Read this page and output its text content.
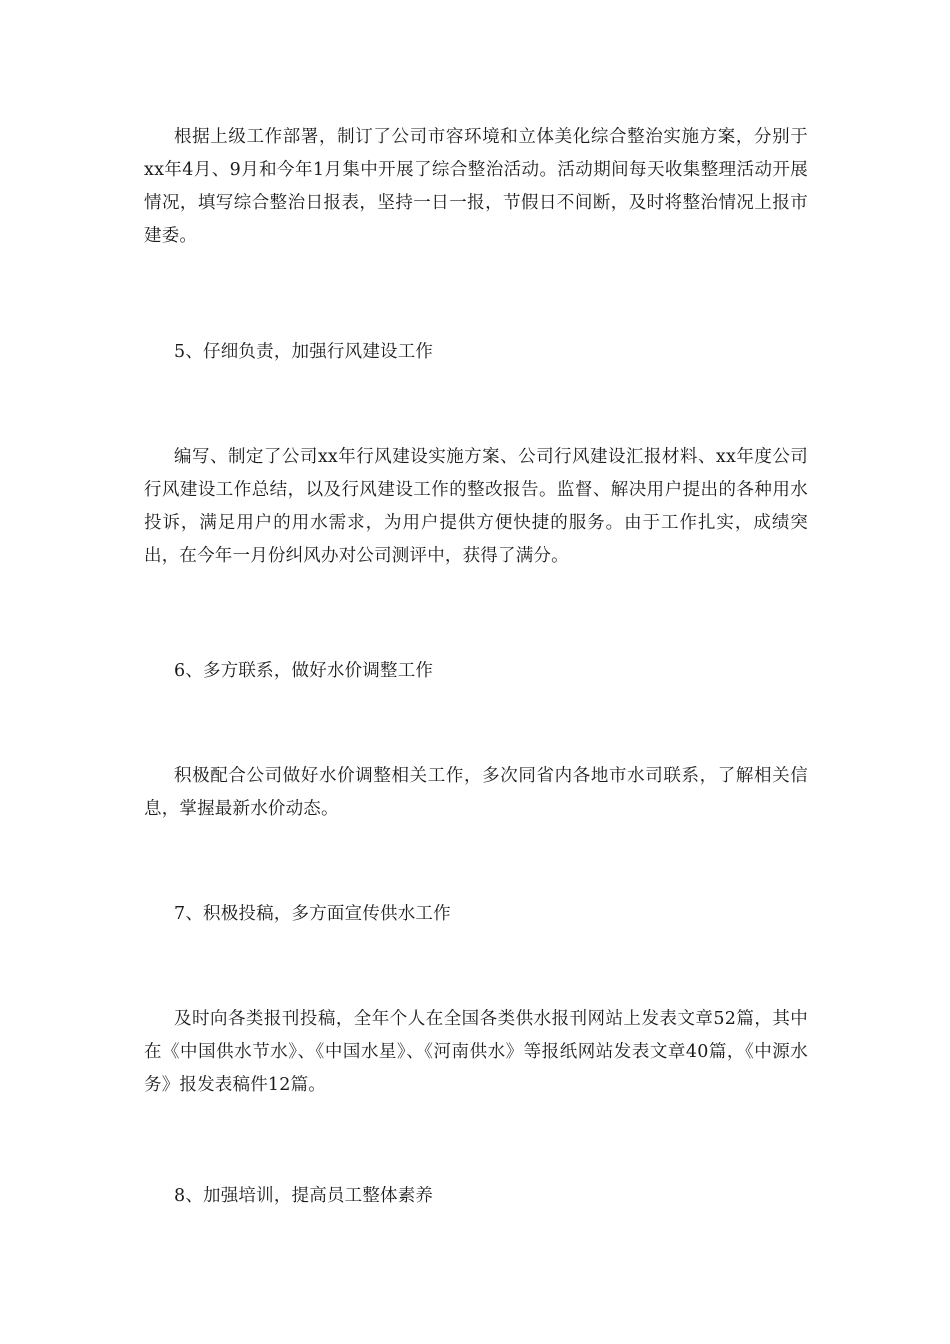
根据上级工作部署，制订了公司市容环境和立体美化综合整治实施方案，分别于xx年4月、9月和今年1月集中开展了综合整治活动。活动期间每天收集整理活动开展情况，填写综合整治日报表，坚持一日一报，节假日不间断，及时将整治情况上报市建委。

5、仔细负责，加强行风建设工作

编写、制定了公司xx年行风建设实施方案、公司行风建设汇报材料、xx年度公司行风建设工作总结，以及行风建设工作的整改报告。监督、解决用户提出的各种用水投诉，满足用户的用水需求，为用户提供方便快捷的服务。由于工作扎实，成绩突出，在今年一月份纠风办对公司测评中，获得了满分。

6、多方联系，做好水价调整工作

积极配合公司做好水价调整相关工作，多次同省内各地市水司联系，了解相关信息，掌握最新水价动态。

7、积极投稿，多方面宣传供水工作

及时向各类报刊投稿，全年个人在全国各类供水报刊网站上发表文章52篇，其中在《中国供水节水》、《中国水星》、《河南供水》等报纸网站发表文章40篇，《中源水务》报发表稿件12篇。

8、加强培训，提高员工整体素养
